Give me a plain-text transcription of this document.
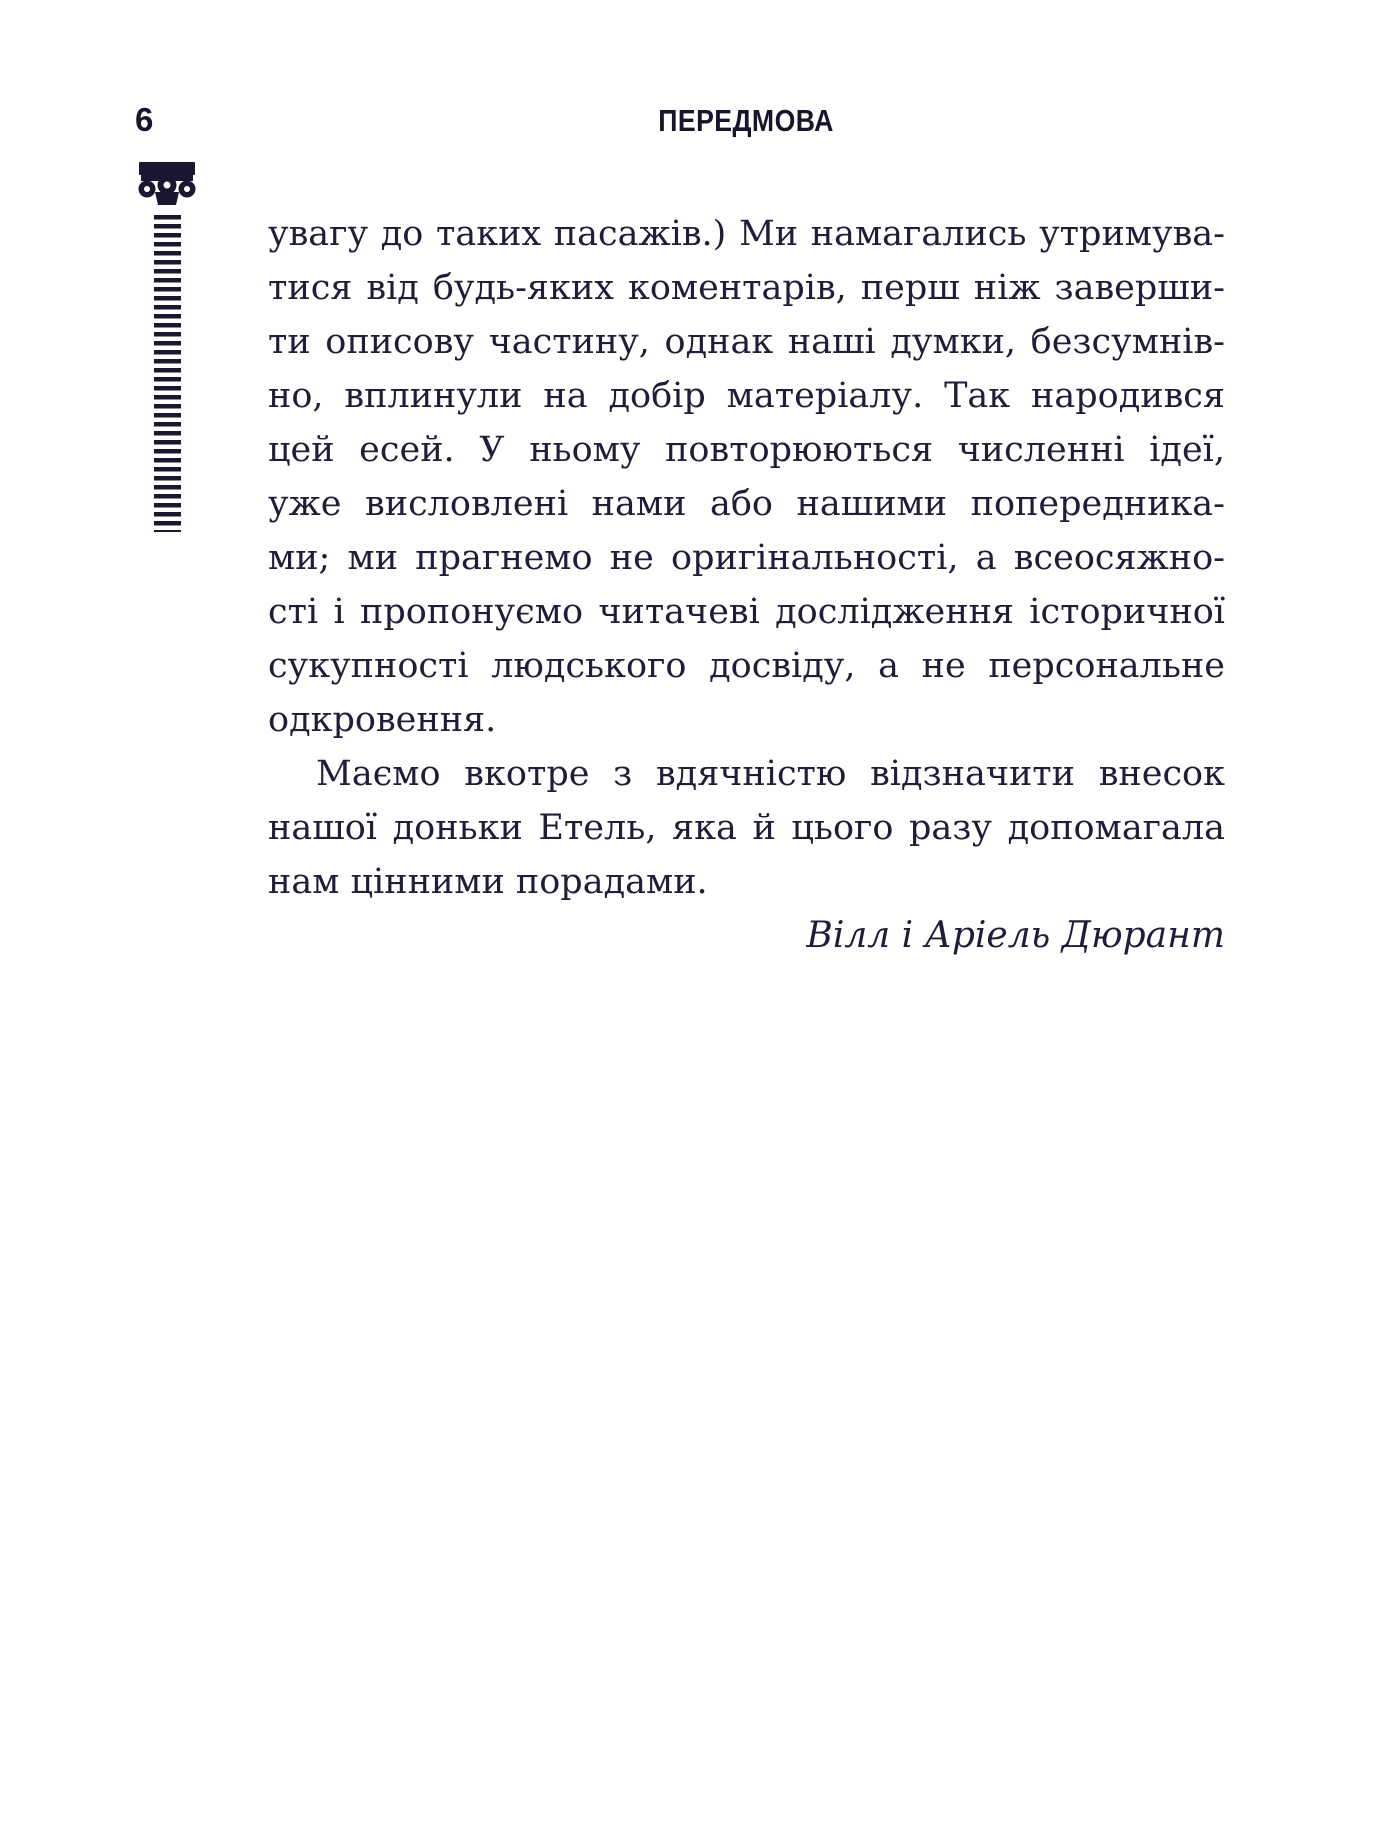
6	ПЕРЕДМОВА
увагу до таких пасажів.) Ми намагались утримува-
тися від будь-яких коментарів, перш ніж заверши-
ти описову частину, однак наші думки, безсумнів-
но, вплинули на добір матеріалу. Так народився
цей есей. У ньому повторюються численні ідеї,
уже висловлені нами або нашими попередника-
ми; ми прагнемо не оригінальності, а всеосяжно-
сті і пропонуємо читачеві дослідження історичної
сукупності людського досвіду, а не персональне
одкровення.
Маємо вкотре з вдячністю відзначити внесок
нашої доньки Етель, яка й цього разу допомагала
нам цінними порадами.
Вілл і Аріель Дюрант
